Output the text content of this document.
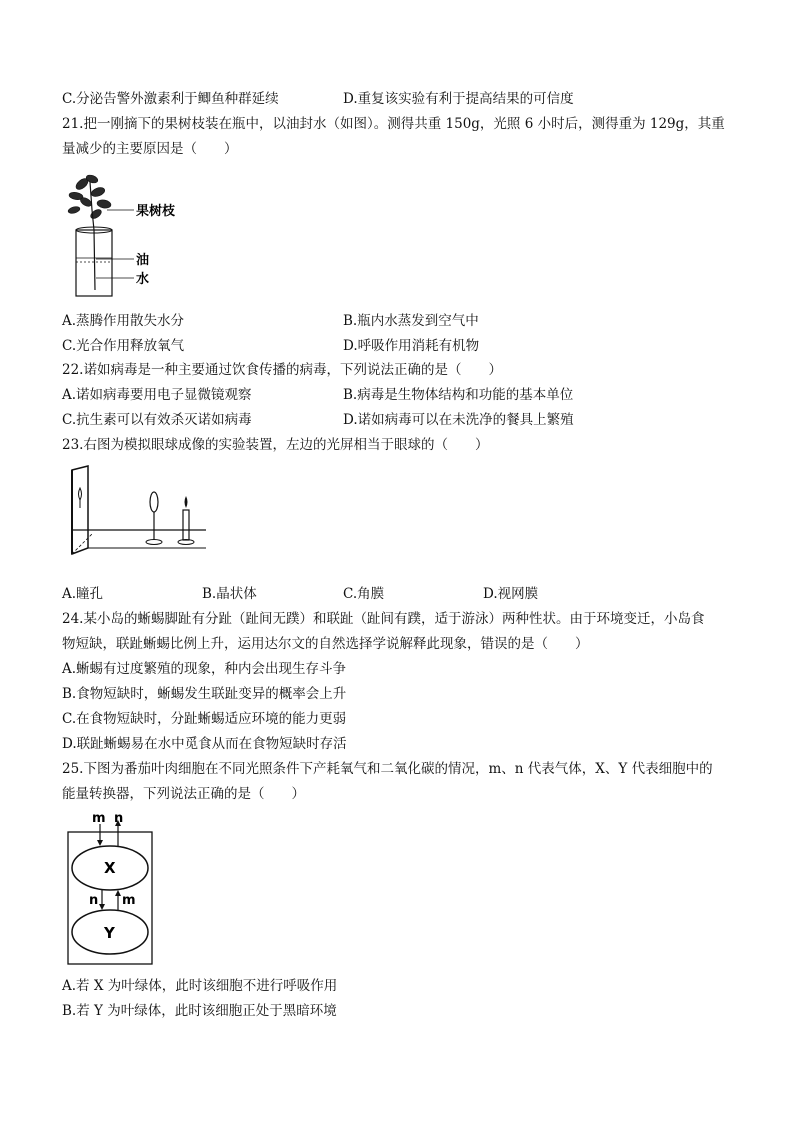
C.分泌告警外激素利于鲫鱼种群延续	D.重复该实验有利于提高结果的可信度
21.把一刚摘下的果树枝装在瓶中，以油封水（如图）。测得共重 150g，光照 6 小时后，测得重为 129g，其重
量减少的主要原因是（　　）
果树枝
油
水
A.蒸腾作用散失水分	B.瓶内水蒸发到空气中
C.光合作用释放氧气	D.呼吸作用消耗有机物
22.诺如病毒是一种主要通过饮食传播的病毒，下列说法正确的是（　　）
A.诺如病毒要用电子显微镜观察	B.病毒是生物体结构和功能的基本单位
C.抗生素可以有效杀灭诺如病毒	D.诺如病毒可以在未洗净的餐具上繁殖
23.右图为模拟眼球成像的实验装置，左边的光屏相当于眼球的（　　）
A.瞳孔	B.晶状体	C.角膜	D.视网膜
24.某小岛的蜥蜴脚趾有分趾（趾间无蹼）和联趾（趾间有蹼，适于游泳）两种性状。由于环境变迁，小岛食
物短缺，联趾蜥蜴比例上升，运用达尔文的自然选择学说解释此现象，错误的是（　　）
A.蜥蜴有过度繁殖的现象，种内会出现生存斗争
B.食物短缺时，蜥蜴发生联趾变异的概率会上升
C.在食物短缺时，分趾蜥蜴适应环境的能力更弱
D.联趾蜥蜴易在水中觅食从而在食物短缺时存活
25.下图为番茄叶肉细胞在不同光照条件下产耗氧气和二氧化碳的情况，m、n 代表气体，X、Y 代表细胞中的
能量转换器，下列说法正确的是（　　）
m n
X
n m
Y
A.若 X 为叶绿体，此时该细胞不进行呼吸作用
B.若 Y 为叶绿体，此时该细胞正处于黑暗环境
